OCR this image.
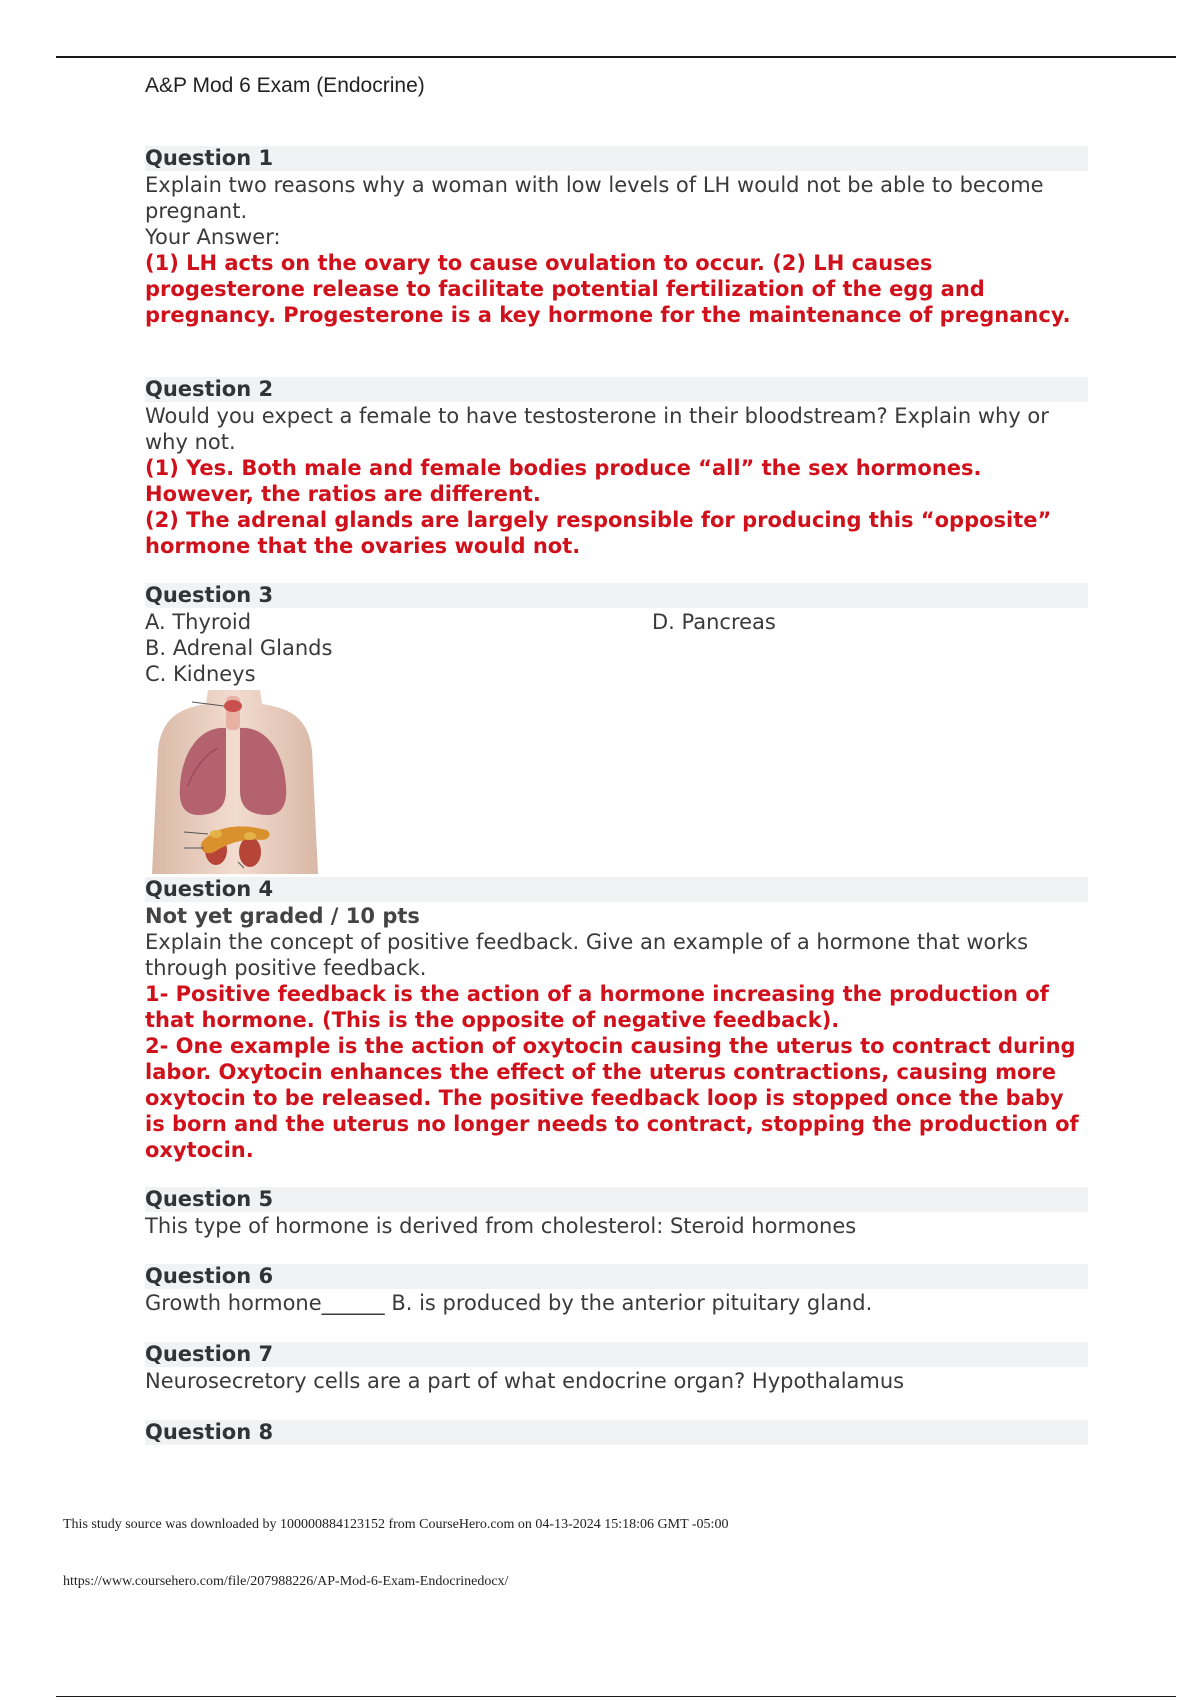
A&P Mod 6 Exam (Endocrine)
Question 1
Explain two reasons why a woman with low levels of LH would not be able to become pregnant.
Your Answer:
(1) LH acts on the ovary to cause ovulation to occur. (2) LH causes progesterone release to facilitate potential fertilization of the egg and pregnancy. Progesterone is a key hormone for the maintenance of pregnancy.
Question 2
Would you expect a female to have testosterone in their bloodstream? Explain why or why not.
(1) Yes. Both male and female bodies produce “all” the sex hormones. However, the ratios are different.
(2) The adrenal glands are largely responsible for producing this “opposite” hormone that the ovaries would not.
Question 3
A. Thyroid
B. Adrenal Glands
C. Kidneys
D. Pancreas
Question 4
Not yet graded / 10 pts
Explain the concept of positive feedback. Give an example of a hormone that works through positive feedback.
1- Positive feedback is the action of a hormone increasing the production of that hormone. (This is the opposite of negative feedback).
2- One example is the action of oxytocin causing the uterus to contract during labor. Oxytocin enhances the effect of the uterus contractions, causing more oxytocin to be released. The positive feedback loop is stopped once the baby is born and the uterus no longer needs to contract, stopping the production of oxytocin.
Question 5
This type of hormone is derived from cholesterol: Steroid hormones
Question 6
Growth hormone______ B. is produced by the anterior pituitary gland.
Question 7
Neurosecretory cells are a part of what endocrine organ? Hypothalamus
Question 8
This study source was downloaded by 100000884123152 from CourseHero.com on 04-13-2024 15:18:06 GMT -05:00
https://www.coursehero.com/file/207988226/AP-Mod-6-Exam-Endocrinedocx/
